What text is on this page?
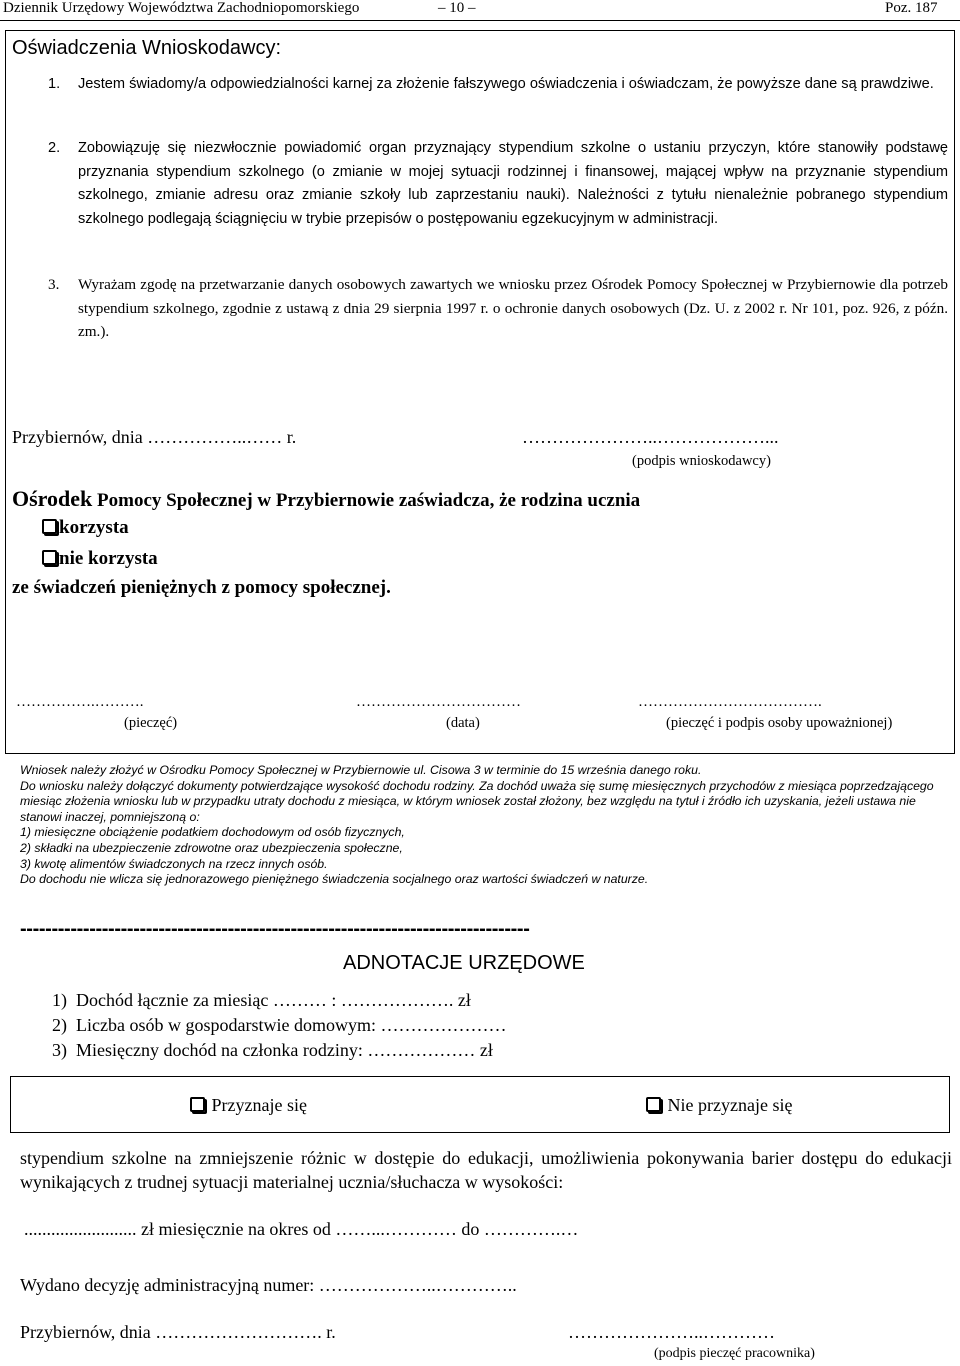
Dziennik Urzędowy Województwa Zachodniopomorskiego	– 10 –	Poz. 187
Oświadczenia Wnioskodawcy:
1. Jestem świadomy/a odpowiedzialności karnej za złożenie fałszywego oświadczenia i oświadczam, że powyższe dane są prawdziwe.
2. Zobowiązuję się niezwłocznie powiadomić organ przyznający stypendium szkolne o ustaniu przyczyn, które stanowiły podstawę przyznania stypendium szkolnego (o zmianie w mojej sytuacji rodzinnej i finansowej, mającej wpływ na przyznanie stypendium szkolnego, zmianie adresu oraz zmianie szkoły lub zaprzestaniu nauki). Należności z tytułu nienależnie pobranego stypendium szkolnego podlegają ściągnięciu w trybie przepisów o postępowaniu egzekucyjnym w administracji.
3. Wyrażam zgodę na przetwarzanie danych osobowych zawartych we wniosku przez Ośrodek Pomocy Społecznej w Przybiernowie dla potrzeb stypendium szkolnego, zgodnie z ustawą z dnia 29 sierpnia 1997 r. o ochronie danych osobowych (Dz. U. z 2002 r. Nr 101, poz. 926, z późn. zm.).
Przybiernów, dnia ……………..…… r.	…………………..………………...
(podpis wnioskodawcy)
Ośrodek Pomocy Społecznej w Przybiernowie zaświadcza, że rodzina ucznia
korzysta
nie korzysta
ze świadczeń pieniężnych z pomocy społecznej.
…………….……….
(pieczęć)
……………………………
(data)
……………………………….
(pieczęć i podpis osoby upoważnionej)
Wniosek należy złożyć w Ośrodku Pomocy Społecznej w Przybiernowie ul. Cisowa 3 w terminie do 15 września danego roku.
Do wniosku należy dołączyć dokumenty potwierdzające wysokość dochodu rodziny. Za dochód uważa się sumę miesięcznych przychodów z miesiąca poprzedzającego miesiąc złożenia wniosku lub w przypadku utraty dochodu z miesiąca, w którym wniosek został złożony, bez względu na tytuł i źródło ich uzyskania, jeżeli ustawa nie stanowi inaczej, pomniejszoną o:
1) miesięczne obciążenie podatkiem dochodowym od osób fizycznych,
2) składki na ubezpieczenie zdrowotne oraz ubezpieczenia społeczne,
3) kwotę alimentów świadczonych na rzecz innych osób.
Do dochodu nie wlicza się jednorazowego pieniężnego świadczenia socjalnego oraz wartości świadczeń w naturze.
---------------------------------------------------------------------------------
ADNOTACJE URZĘDOWE
1) Dochód łącznie za miesiąc ……… : ………………. zł
2) Liczba osób w gospodarstwie domowym: …………………
3) Miesięczny dochód na członka rodziny: ……………… zł
Przyznaje się	Nie przyznaje się
stypendium szkolne na zmniejszenie różnic w dostępie do edukacji, umożliwienia pokonywania barier dostępu do edukacji wynikających z trudnej sytuacji materialnej ucznia/słuchacza w wysokości:
......................... zł miesięcznie na okres od ……...………… do ………….…
Wydano decyzję administracyjną numer: ………………..…………..
Przybiernów, dnia ………………………. r.	…………………..…………
(podpis pieczęć pracownika)
